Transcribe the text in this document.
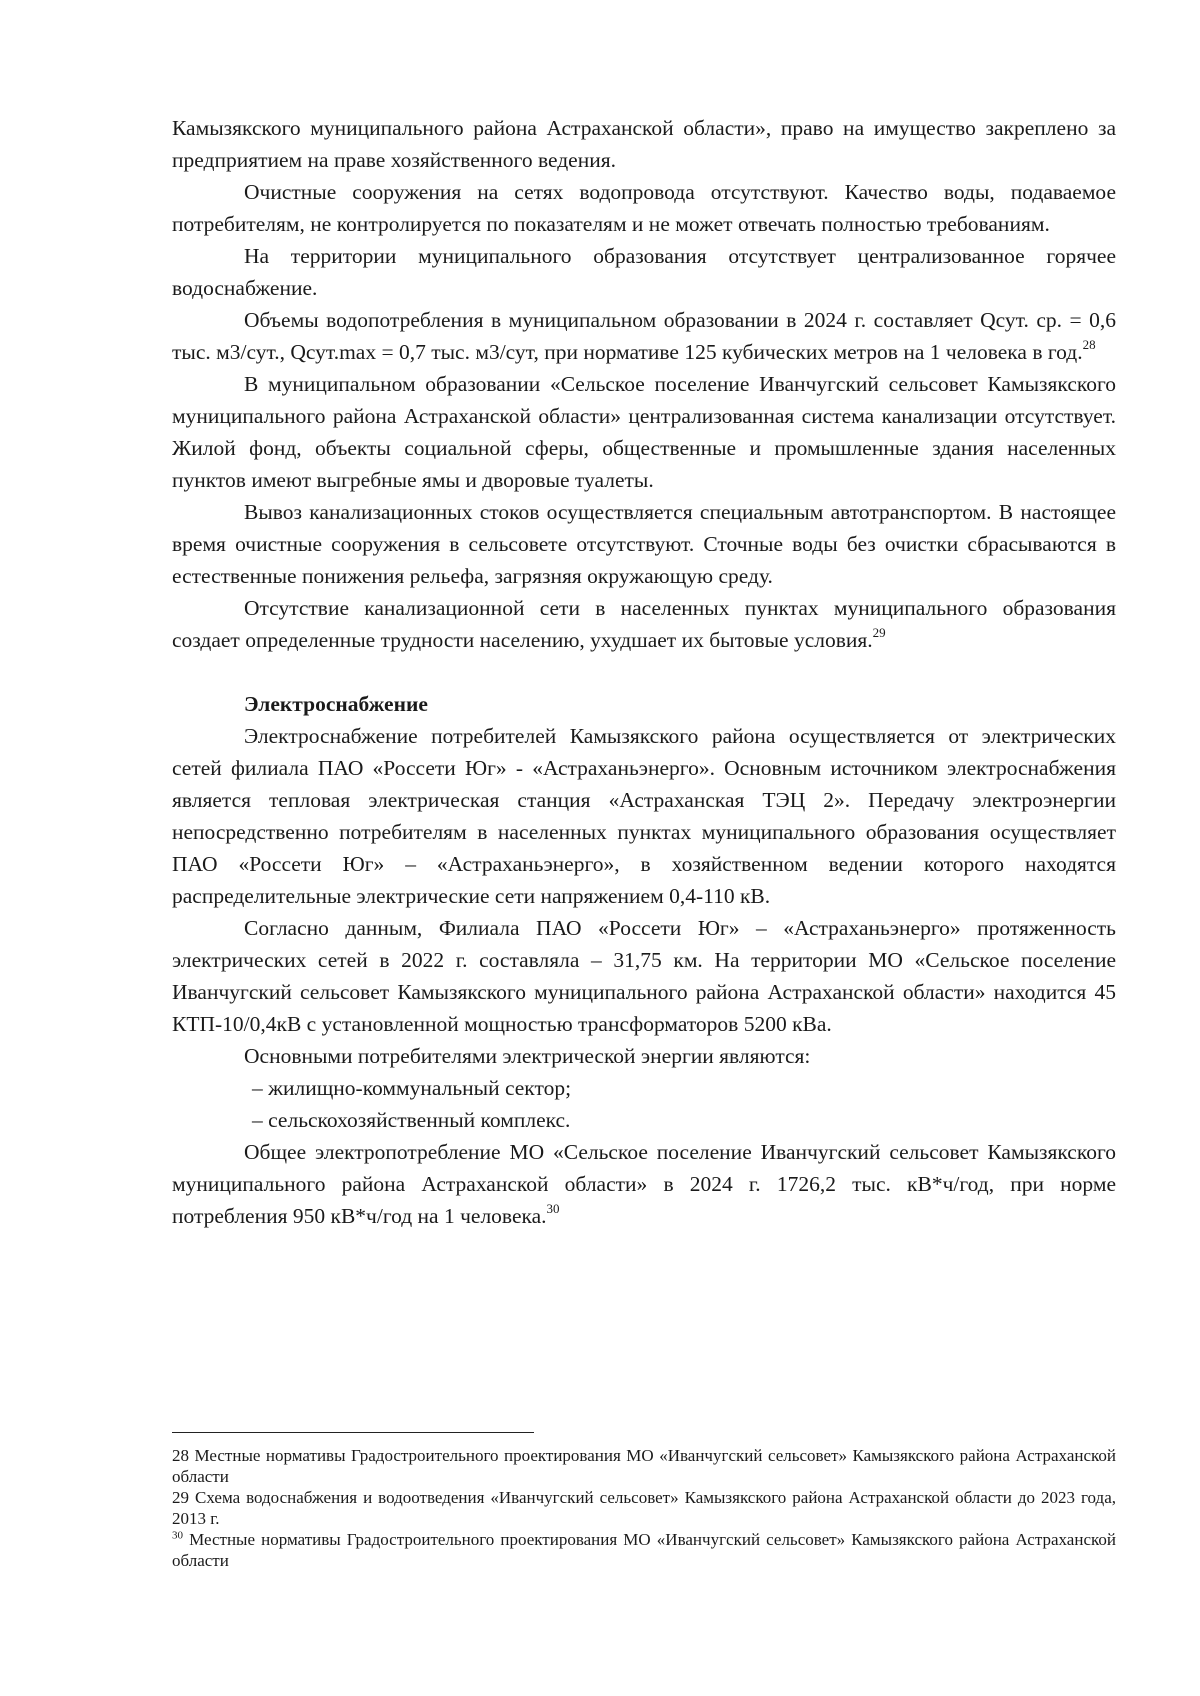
Камызякского муниципального района Астраханской области», право на имущество закреплено за предприятием на праве хозяйственного ведения.

Очистные сооружения на сетях водопровода отсутствуют. Качество воды, подаваемое потребителям, не контролируется по показателям и не может отвечать полностью требованиям.

На территории муниципального образования отсутствует централизованное горячее водоснабжение.

Объемы водопотребления в муниципальном образовании в 2024 г. составляет Qсут. ср. = 0,6 тыс. м3/сут., Qсут.max = 0,7 тыс. м3/сут, при нормативе 125 кубических метров на 1 человека в год.$^{28}$

В муниципальном образовании «Сельское поселение Иванчугский сельсовет Камызякского муниципального района Астраханской области» централизованная система канализации отсутствует. Жилой фонд, объекты социальной сферы, общественные и промышленные здания населенных пунктов имеют выгребные ямы и дворовые туалеты.

Вывоз канализационных стоков осуществляется специальным автотранспортом. В настоящее время очистные сооружения в сельсовете отсутствуют. Сточные воды без очистки сбрасываются в естественные понижения рельефа, загрязняя окружающую среду.

Отсутствие канализационной сети в населенных пунктах муниципального образования создает определенные трудности населению, ухудшает их бытовые условия.$^{29}$

Электроснабжение

Электроснабжение потребителей Камызякского района осуществляется от электрических сетей филиала ПАО «Россети Юг» - «Астраханьэнерго». Основным источником электроснабжения является тепловая электрическая станция «Астраханская ТЭЦ 2». Передачу электроэнергии непосредственно потребителям в населенных пунктах муниципального образования осуществляет ПАО «Россети Юг» – «Астраханьэнерго», в хозяйственном ведении которого находятся распределительные электрические сети напряжением 0,4-110 кВ.

Согласно данным, Филиала ПАО «Россети Юг» – «Астраханьэнерго» протяженность электрических сетей в 2022 г. составляла – 31,75 км. На территории МО «Сельское поселение Иванчугский сельсовет Камызякского муниципального района Астраханской области» находится 45 КТП-10/0,4кВ с установленной мощностью трансформаторов 5200 кВа.

Основными потребителями электрической энергии являются:

– жилищно-коммунальный сектор;

– сельскохозяйственный комплекс.

Общее электропотребление МО «Сельское поселение Иванчугский сельсовет Камызякского муниципального района Астраханской области» в 2024 г. 1726,2 тыс. кВ*ч/год, при норме потребления 950 кВ*ч/год на 1 человека.$^{30}$

28 Местные нормативы Градостроительного проектирования МО «Иванчугский сельсовет» Камызякского района Астраханской области

29 Схема водоснабжения и водоотведения «Иванчугский сельсовет» Камызякского района Астраханской области до 2023 года, 2013 г.

$^{30}$ Местные нормативы Градостроительного проектирования МО «Иванчугский сельсовет» Камызякского района Астраханской области
